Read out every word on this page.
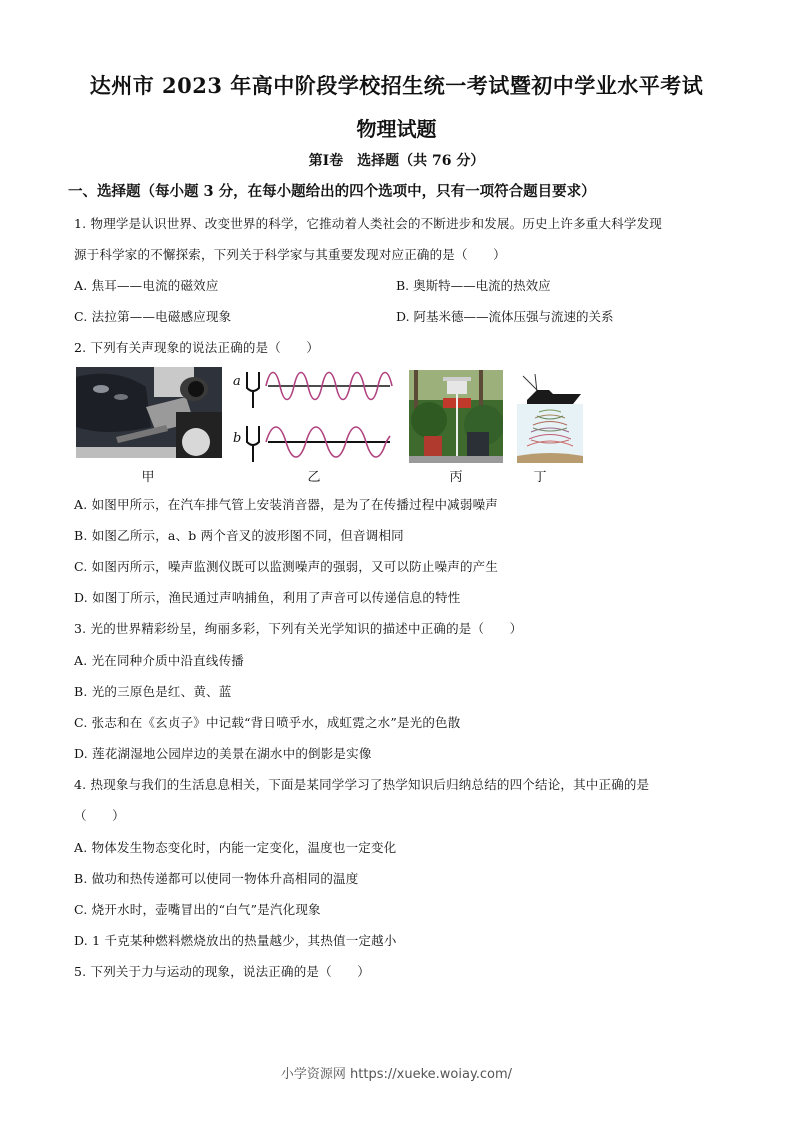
达州市 2023 年高中阶段学校招生统一考试暨初中学业水平考试
物理试题
第Ⅰ卷　选择题（共 76 分）
一、选择题（每小题 3 分，在每小题给出的四个选项中，只有一项符合题目要求）
1. 物理学是认识世界、改变世界的科学，它推动着人类社会的不断进步和发展。历史上许多重大科学发现
源于科学家的不懈探索，下列关于科学家与其重要发现对应正确的是（　　）
A. 焦耳——电流的磁效应	B. 奥斯特——电流的热效应
C. 法拉第——电磁感应现象	D. 阿基米德——流体压强与流速的关系
2. 下列有关声现象的说法正确的是（　　）
甲
a
b
乙	丙	丁
A. 如图甲所示，在汽车排气管上安装消音器，是为了在传播过程中减弱噪声
B. 如图乙所示，a、b 两个音叉的波形图不同，但音调相同
C. 如图丙所示，噪声监测仪既可以监测噪声的强弱，又可以防止噪声的产生
D. 如图丁所示，渔民通过声呐捕鱼，利用了声音可以传递信息的特性
3. 光的世界精彩纷呈，绚丽多彩，下列有关光学知识的描述中正确的是（　　）
A. 光在同种介质中沿直线传播
B. 光的三原色是红、黄、蓝
C. 张志和在《玄贞子》中记载“背日喷乎水，成虹霓之水”是光的色散
D. 莲花湖湿地公园岸边的美景在湖水中的倒影是实像
4. 热现象与我们的生活息息相关，下面是某同学学习了热学知识后归纳总结的四个结论，其中正确的是
（　　）
A. 物体发生物态变化时，内能一定变化，温度也一定变化
B. 做功和热传递都可以使同一物体升高相同的温度
C. 烧开水时，壶嘴冒出的“白气”是汽化现象
D. 1 千克某种燃料燃烧放出的热量越少，其热值一定越小
5. 下列关于力与运动的现象，说法正确的是（　　）
小学资源网 https://xueke.woiay.com/
